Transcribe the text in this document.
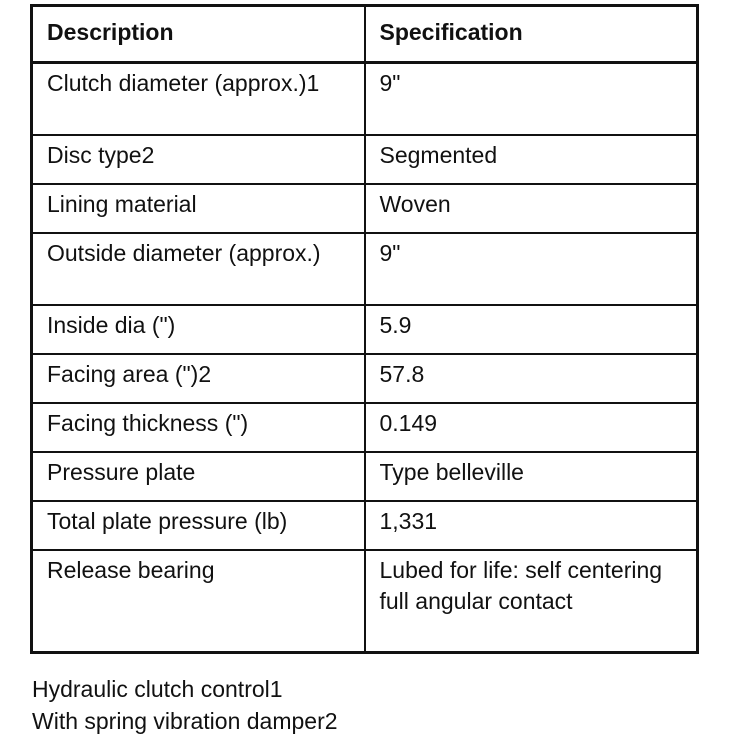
Description	Specification
Clutch diameter (approx.)1	9"
Disc type2	Segmented
Lining material	Woven
Outside diameter (approx.)	9"
Inside dia (")	5.9
Facing area (")2	57.8
Facing thickness (")	0.149
Pressure plate	Type belleville
Total plate pressure (lb)	1,331
Release bearing	Lubed for life: self centering full angular contact
Hydraulic clutch control1
With spring vibration damper2
